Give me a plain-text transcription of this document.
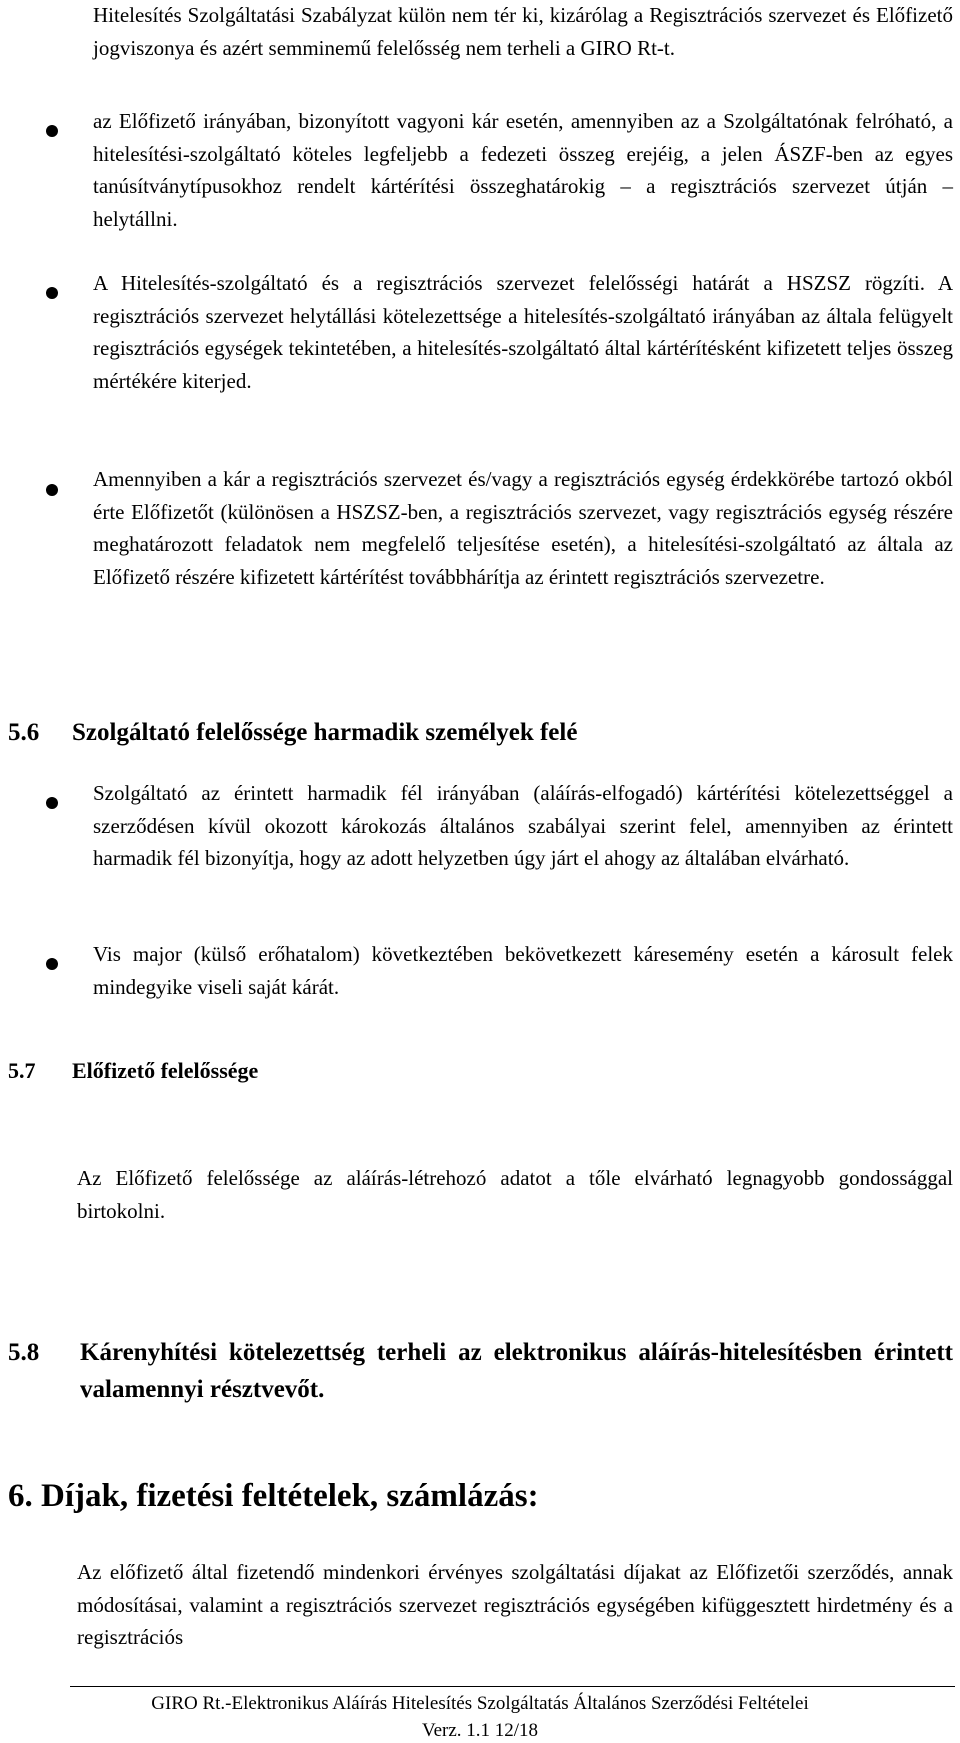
Hitelesítés Szolgáltatási Szabályzat külön nem tér ki, kizárólag a Regisztrációs szervezet és Előfizető jogviszonya és azért semminemű felelősség nem terheli a GIRO Rt-t.
az Előfizető irányában, bizonyított vagyoni kár esetén, amennyiben az a Szolgáltatónak felróható, a hitelesítési-szolgáltató köteles legfeljebb a fedezeti összeg erejéig, a jelen ÁSZF-ben az egyes tanúsítványtípusokhoz rendelt kártérítési összeghatárokig – a regisztrációs szervezet útján – helytállni.
A Hitelesítés-szolgáltató és a regisztrációs szervezet felelősségi határát a HSZSZ rögzíti. A regisztrációs szervezet helytállási kötelezettsége a hitelesítés-szolgáltató irányában az általa felügyelt regisztrációs egységek tekintetében, a hitelesítés-szolgáltató által kártérítésként kifizetett teljes összeg mértékére kiterjed.
Amennyiben a kár a regisztrációs szervezet és/vagy a regisztrációs egység érdekkörébe tartozó okból érte Előfizetőt (különösen a HSZSZ-ben, a regisztrációs szervezet, vagy regisztrációs egység részére meghatározott feladatok nem megfelelő teljesítése esetén), a hitelesítési-szolgáltató az általa az Előfizető részére kifizetett kártérítést továbbhárítja az érintett regisztrációs szervezetre.
5.6 Szolgáltató felelőssége harmadik személyek felé
Szolgáltató az érintett harmadik fél irányában (aláírás-elfogadó) kártérítési kötelezettséggel a szerződésen kívül okozott károkozás általános szabályai szerint felel, amennyiben az érintett harmadik fél bizonyítja, hogy az adott helyzetben úgy járt el ahogy az általában elvárható.
Vis major (külső erőhatalom) következtében bekövetkezett káresemény esetén a károsult felek mindegyike viseli saját kárát.
5.7 Előfizető felelőssége
Az Előfizető felelőssége az aláírás-létrehozó adatot a tőle elvárható legnagyobb gondossággal birtokolni.
5.8 Kárenyhítési kötelezettség terheli az elektronikus aláírás-hitelesítésben érintett valamennyi résztvevőt.
6. Díjak, fizetési feltételek, számlázás:
Az előfizető által fizetendő mindenkori érvényes szolgáltatási díjakat az Előfizetői szerződés, annak módosításai, valamint a regisztrációs szervezet regisztrációs egységében kifüggesztett hirdetmény és a regisztrációs
GIRO Rt.-Elektronikus Aláírás Hitelesítés Szolgáltatás Általános Szerződési Feltételei
Verz. 1.1 12/18
